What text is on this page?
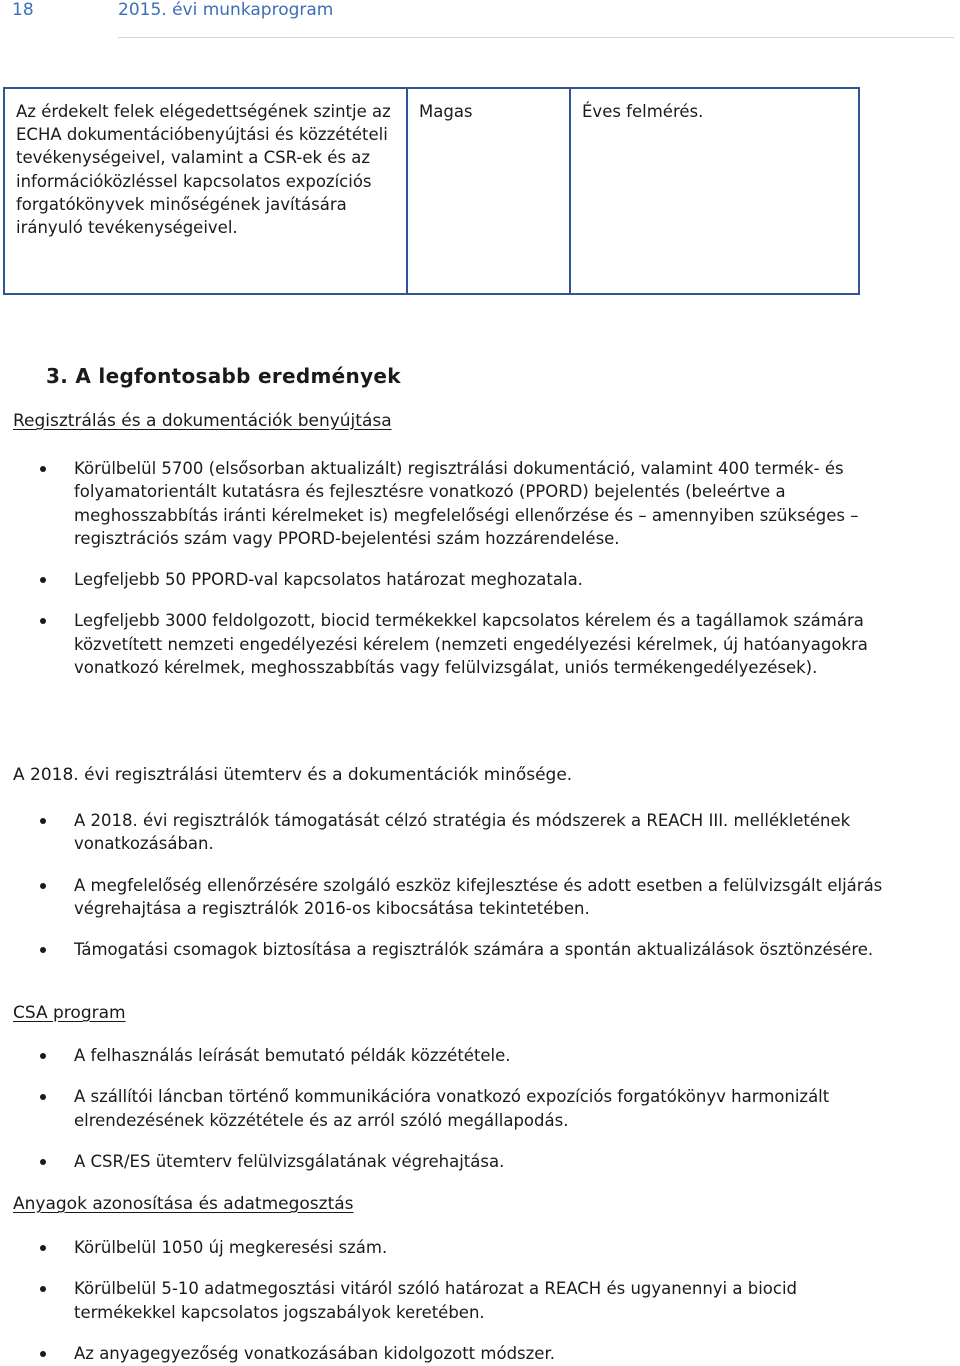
18	2015. évi munkaprogram
Az érdekelt felek elégedettségének szintje az ECHA dokumentációbenyújtási és közzétételi tevékenységeivel, valamint a CSR-ek és az információközléssel kapcsolatos expozíciós forgatókönyvek minőségének javítására irányuló tevékenységeivel.	Magas	Éves felmérés.
3. A legfontosabb eredmények
Regisztrálás és a dokumentációk benyújtása
Körülbelül 5700 (elsősorban aktualizált) regisztrálási dokumentáció, valamint 400 termék- és folyamatorientált kutatásra és fejlesztésre vonatkozó (PPORD) bejelentés (beleértve a meghosszabbítás iránti kérelmeket is) megfelelőségi ellenőrzése és – amennyiben szükséges – regisztrációs szám vagy PPORD-bejelentési szám hozzárendelése.
Legfeljebb 50 PPORD-val kapcsolatos határozat meghozatala.
Legfeljebb 3000 feldolgozott, biocid termékekkel kapcsolatos kérelem és a tagállamok számára közvetített nemzeti engedélyezési kérelem (nemzeti engedélyezési kérelmek, új hatóanyagokra vonatkozó kérelmek, meghosszabbítás vagy felülvizsgálat, uniós termékengedélyezések).
A 2018. évi regisztrálási ütemterv és a dokumentációk minősége.
A 2018. évi regisztrálók támogatását célzó stratégia és módszerek a REACH III. mellékletének vonatkozásában.
A megfelelőség ellenőrzésére szolgáló eszköz kifejlesztése és adott esetben a felülvizsgált eljárás végrehajtása a regisztrálók 2016-os kibocsátása tekintetében.
Támogatási csomagok biztosítása a regisztrálók számára a spontán aktualizálások ösztönzésére.
CSA program
A felhasználás leírását bemutató példák közzététele.
A szállítói láncban történő kommunikációra vonatkozó expozíciós forgatókönyv harmonizált elrendezésének közzététele és az arról szóló megállapodás.
A CSR/ES ütemterv felülvizsgálatának végrehajtása.
Anyagok azonosítása és adatmegosztás
Körülbelül 1050 új megkeresési szám.
Körülbelül 5-10 adatmegosztási vitáról szóló határozat a REACH és ugyanennyi a biocid termékekkel kapcsolatos jogszabályok keretében.
Az anyagegyezőség vonatkozásában kidolgozott módszer.
